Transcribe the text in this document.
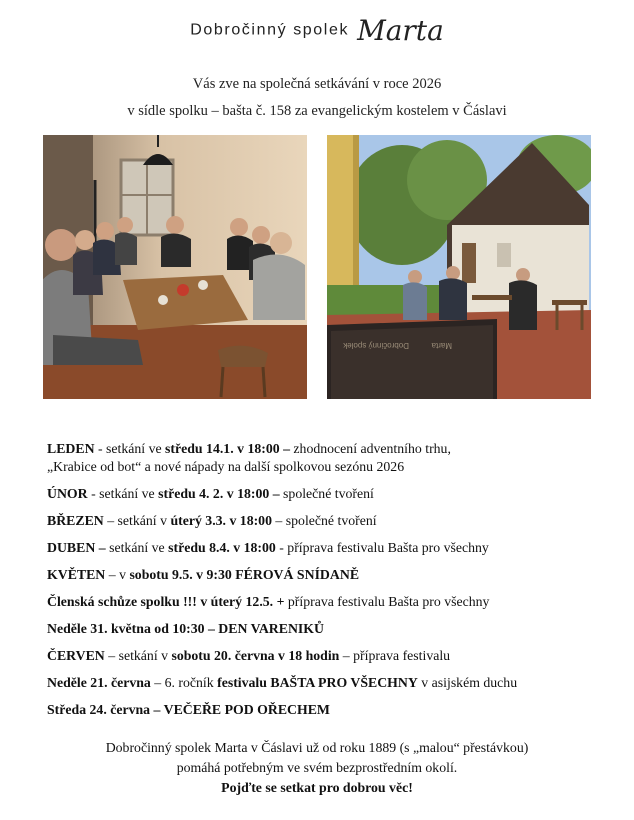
Dobročinný spolek Marta
Vás zve na společná setkávání v roce 2026
v sídle spolku – bašta č. 158 za evangelickým kostelem v Čáslavi
Dobročinný spolek	Marta
LEDEN - setkání ve středu 14.1. v 18:00 – zhodnocení adventního trhu,
„Krabice od bot“ a nové nápady na další spolkovou sezónu 2026
ÚNOR - setkání ve středu 4. 2. v 18:00 – společné tvoření
BŘEZEN – setkání v úterý 3.3. v 18:00 – společné tvoření
DUBEN – setkání ve středu 8.4. v 18:00 - příprava festivalu Bašta pro všechny
KVĚTEN – v sobotu 9.5. v 9:30 FÉROVÁ SNÍDANĚ
Členská schůze spolku !!! v úterý 12.5. + příprava festivalu Bašta pro všechny
Neděle 31. května od 10:30 – DEN VARENIKŮ
ČERVEN – setkání v sobotu 20. června v 18 hodin – příprava festivalu
Neděle 21. června – 6. ročník festivalu BAŠTA PRO VŠECHNY v asijském duchu
Středa 24. června – VEČEŘE POD OŘECHEM
Dobročinný spolek Marta v Čáslavi už od roku 1889 (s „malou“ přestávkou)
pomáhá potřebným ve svém bezprostředním okolí.
Pojďte se setkat pro dobrou věc!
